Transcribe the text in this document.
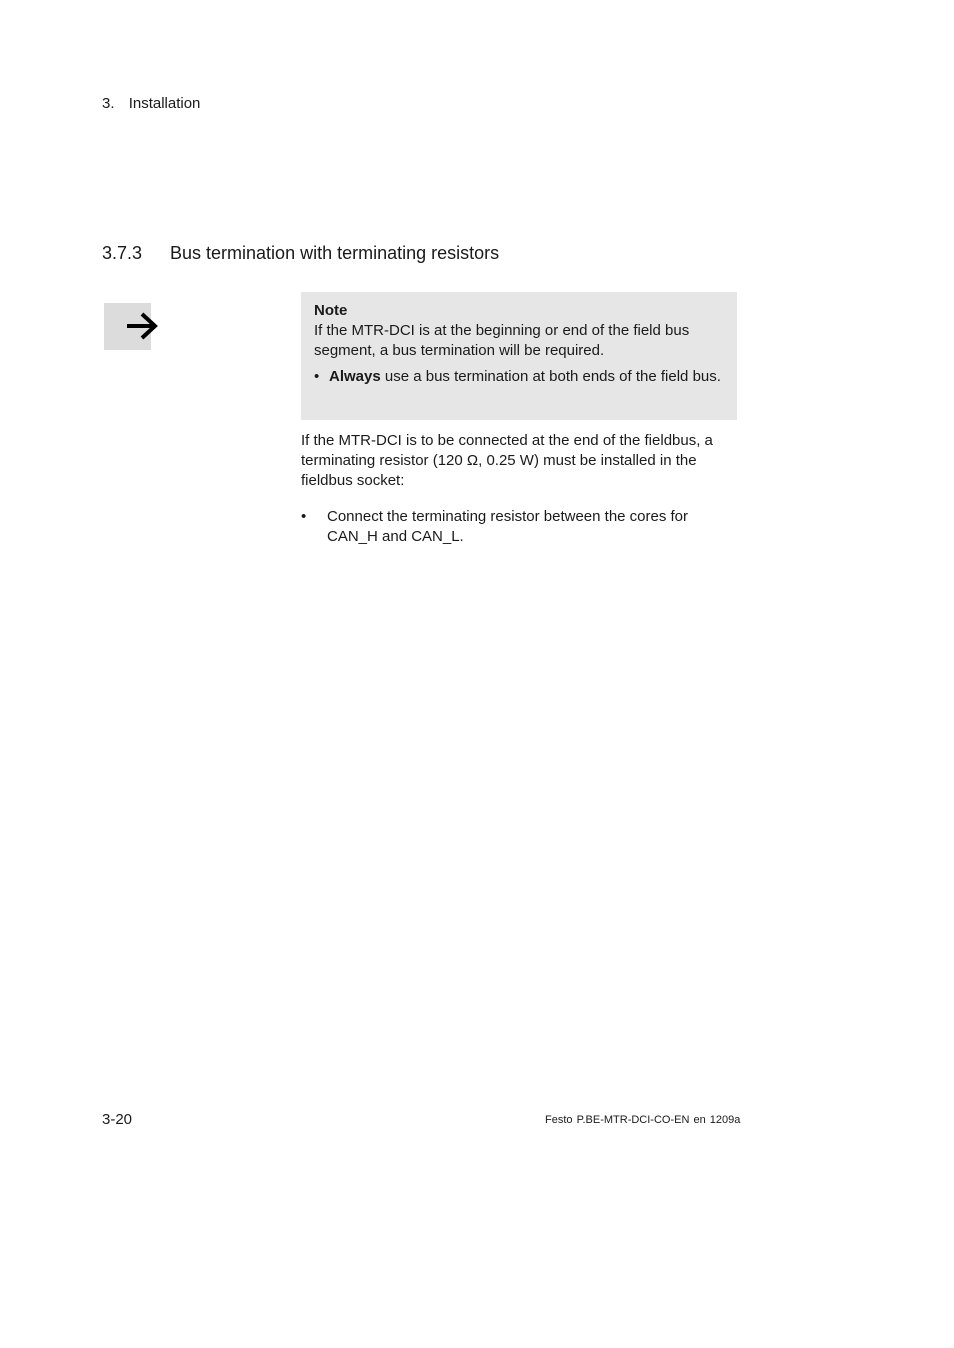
3. Installation
3.7.3 Bus termination with terminating resistors
Note
If the MTR-DCI is at the beginning or end of the field bus segment, a bus termination will be required.
• Always use a bus termination at both ends of the field bus.
If the MTR-DCI is to be connected at the end of the fieldbus, a terminating resistor (120 Ω, 0.25 W) must be installed in the fieldbus socket:
• Connect the terminating resistor between the cores for CAN_H and CAN_L.
3-20	Festo P.BE-MTR-DCI-CO-EN en 1209a
